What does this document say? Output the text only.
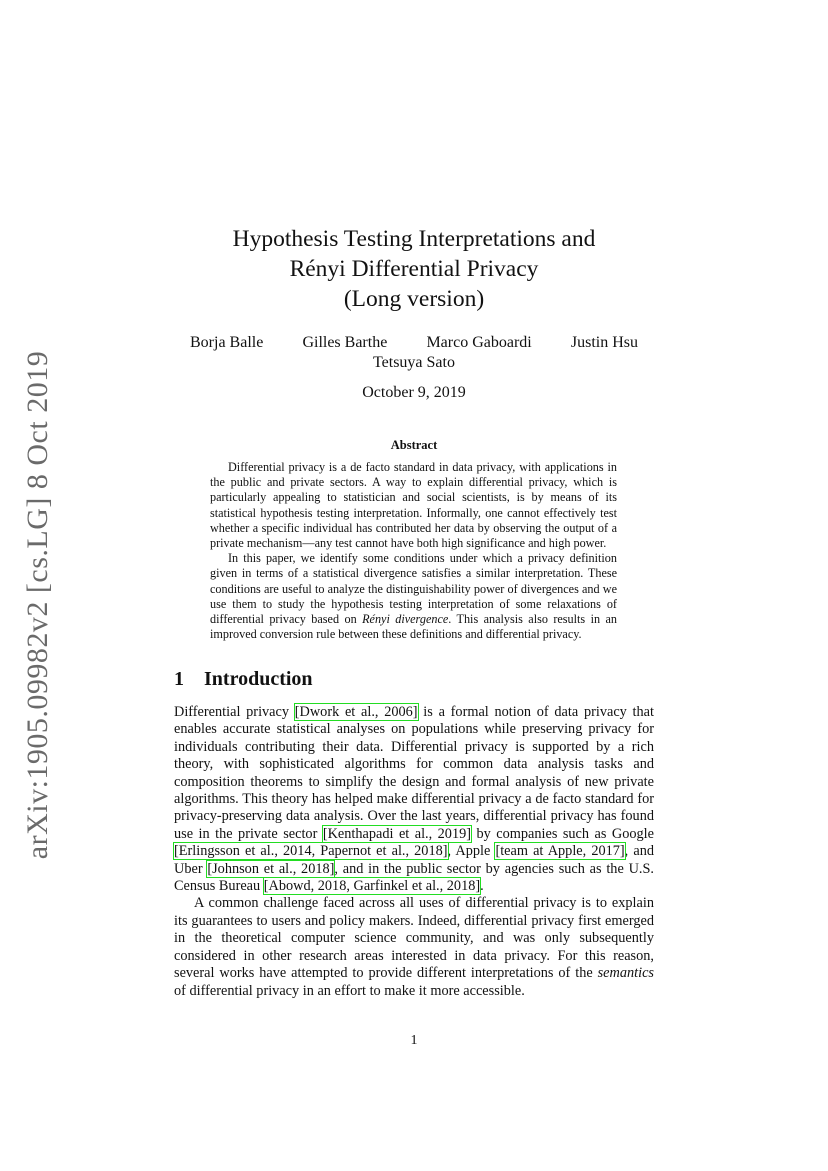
arXiv:1905.09982v2 [cs.LG] 8 Oct 2019
Hypothesis Testing Interpretations and
Rényi Differential Privacy
(Long version)
Borja Balle Gilles Barthe Marco Gaboardi Justin Hsu
Tetsuya Sato
October 9, 2019
Abstract

Differential privacy is a de facto standard in data privacy, with applications in the public and private sectors. A way to explain differential privacy, which is particularly appealing to statistician and social scientists, is by means of its statistical hypothesis testing interpretation. Informally, one cannot effectively test whether a specific individual has contributed her data by observing the output of a private mechanism—any test cannot have both high significance and high power.

In this paper, we identify some conditions under which a privacy definition given in terms of a statistical divergence satisfies a similar interpretation. These conditions are useful to analyze the distinguishability power of divergences and we use them to study the hypothesis testing interpretation of some relaxations of differential privacy based on Rényi divergence. This analysis also results in an improved conversion rule between these definitions and differential privacy.

1 Introduction

Differential privacy [Dwork et al., 2006] is a formal notion of data privacy that enables accurate statistical analyses on populations while preserving privacy for individuals contributing their data. Differential privacy is supported by a rich theory, with sophisticated algorithms for common data analysis tasks and composition theorems to simplify the design and formal analysis of new private algorithms. This theory has helped make differential privacy a de facto standard for privacy-preserving data analysis. Over the last years, differential privacy has found use in the private sector [Kenthapadi et al., 2019] by companies such as Google [Erlingsson et al., 2014, Papernot et al., 2018], Apple [team at Apple, 2017], and Uber [Johnson et al., 2018], and in the public sector by agencies such as the U.S. Census Bureau [Abowd, 2018, Garfinkel et al., 2018].

A common challenge faced across all uses of differential privacy is to explain its guarantees to users and policy makers. Indeed, differential privacy first emerged in the theoretical computer science community, and was only subsequently considered in other research areas interested in data privacy. For this reason, several works have attempted to provide different interpretations of the semantics of differential privacy in an effort to make it more accessible.

1
